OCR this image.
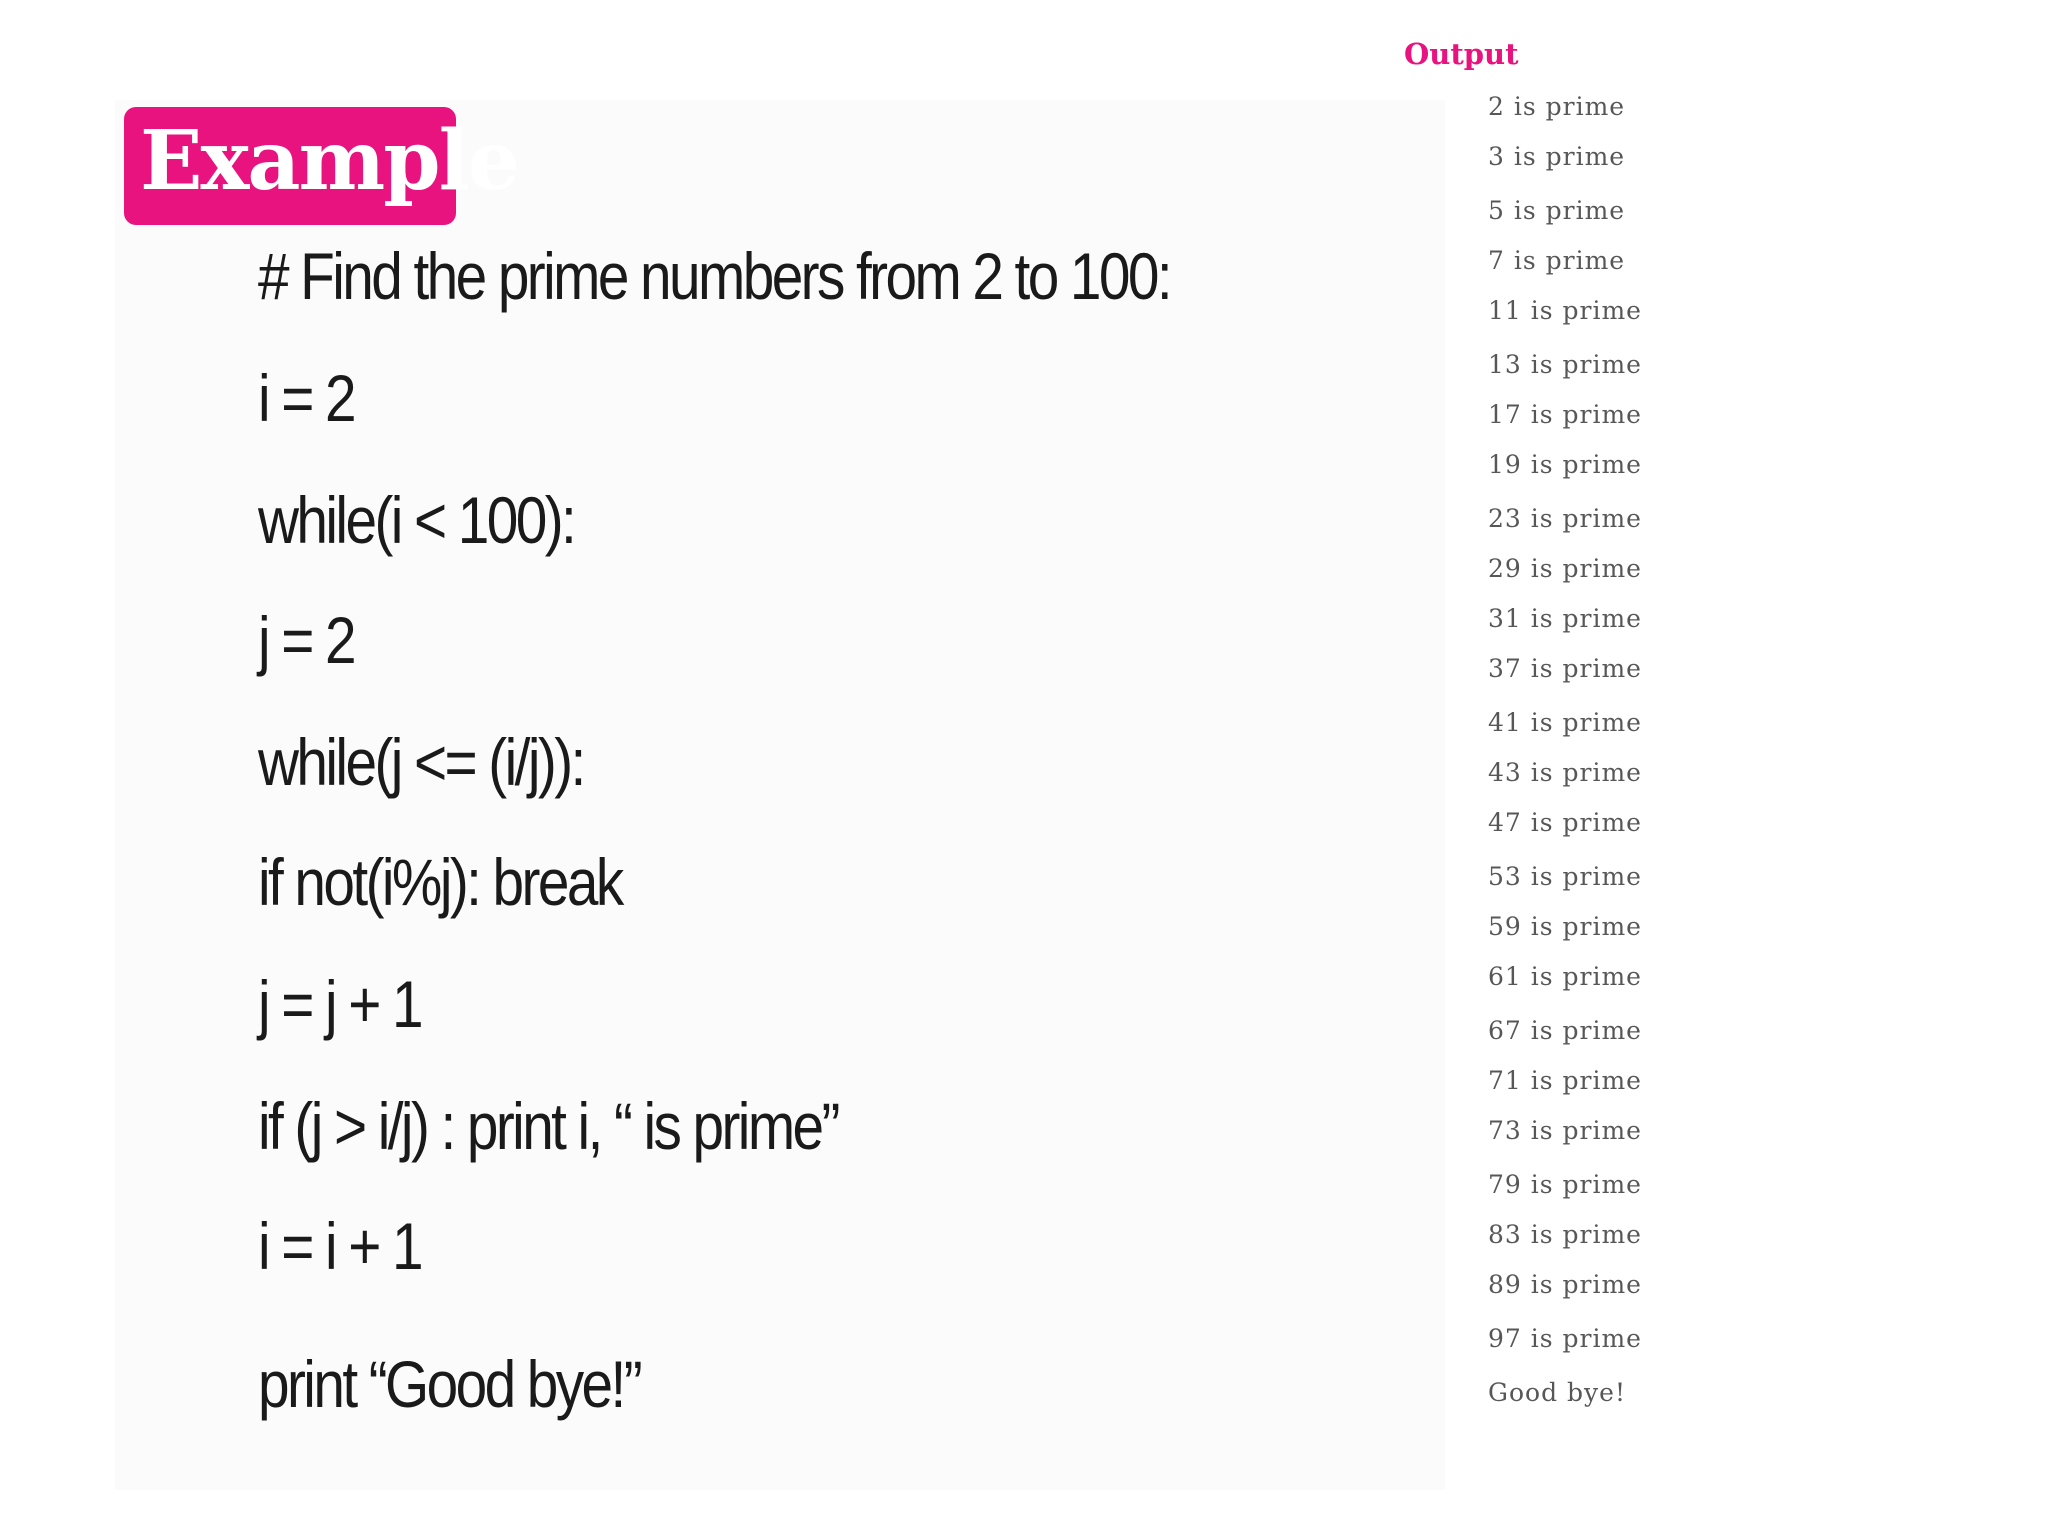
Example
# Find the prime numbers from 2 to 100:
i = 2
while(i < 100):
j = 2
while(j <= (i/j)):
if not(i%j): break
j = j + 1
if (j > i/j) : print i, “ is prime”
i = i + 1
print “Good bye!”
Output
2 is prime
3 is prime
5 is prime
7 is prime
11 is prime
13 is prime
17 is prime
19 is prime
23 is prime
29 is prime
31 is prime
37 is prime
41 is prime
43 is prime
47 is prime
53 is prime
59 is prime
61 is prime
67 is prime
71 is prime
73 is prime
79 is prime
83 is prime
89 is prime
97 is prime
Good bye!
